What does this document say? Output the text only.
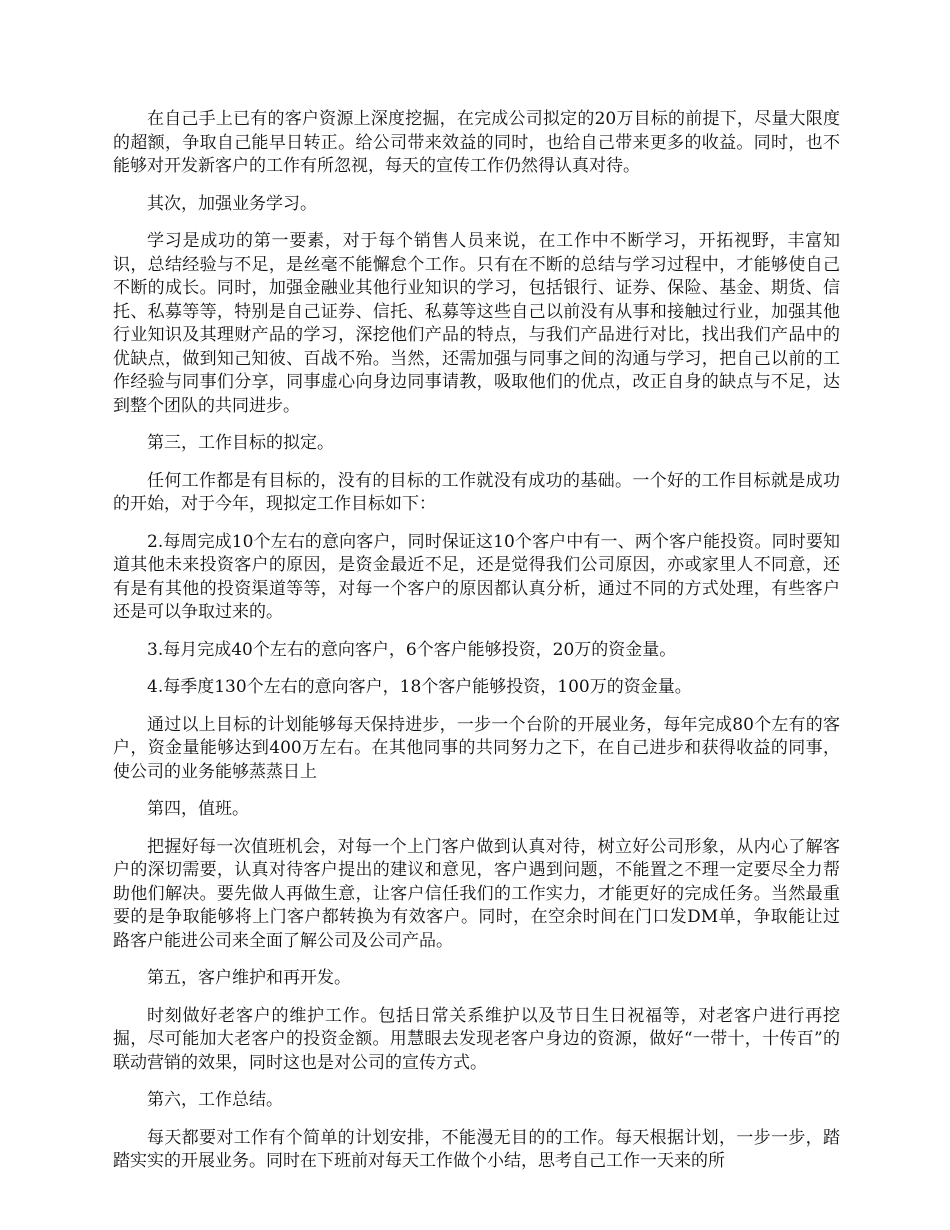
在自己手上已有的客户资源上深度挖掘，在完成公司拟定的20万目标的前提下，尽量大限度的超额，争取自己能早日转正。给公司带来效益的同时，也给自己带来更多的收益。同时，也不能够对开发新客户的工作有所忽视，每天的宣传工作仍然得认真对待。

其次，加强业务学习。

学习是成功的第一要素，对于每个销售人员来说，在工作中不断学习，开拓视野，丰富知识，总结经验与不足，是丝毫不能懈怠个工作。只有在不断的总结与学习过程中，才能够使自己不断的成长。同时，加强金融业其他行业知识的学习，包括银行、证券、保险、基金、期货、信托、私募等等，特别是自己证券、信托、私募等这些自己以前没有从事和接触过行业，加强其他行业知识及其理财产品的学习，深挖他们产品的特点，与我们产品进行对比，找出我们产品中的优缺点，做到知己知彼、百战不殆。当然，还需加强与同事之间的沟通与学习，把自己以前的工作经验与同事们分享，同事虚心向身边同事请教，吸取他们的优点，改正自身的缺点与不足，达到整个团队的共同进步。

第三，工作目标的拟定。

任何工作都是有目标的，没有的目标的工作就没有成功的基础。一个好的工作目标就是成功的开始，对于今年，现拟定工作目标如下：

2.每周完成10个左右的意向客户，同时保证这10个客户中有一、两个客户能投资。同时要知道其他未来投资客户的原因，是资金最近不足，还是觉得我们公司原因，亦或家里人不同意，还有是有其他的投资渠道等等，对每一个客户的原因都认真分析，通过不同的方式处理，有些客户还是可以争取过来的。

3.每月完成40个左右的意向客户，6个客户能够投资，20万的资金量。

4.每季度130个左右的意向客户，18个客户能够投资，100万的资金量。

通过以上目标的计划能够每天保持进步，一步一个台阶的开展业务，每年完成80个左有的客户，资金量能够达到400万左右。在其他同事的共同努力之下，在自己进步和获得收益的同事，使公司的业务能够蒸蒸日上

第四，值班。

把握好每一次值班机会，对每一个上门客户做到认真对待，树立好公司形象，从内心了解客户的深切需要，认真对待客户提出的建议和意见，客户遇到问题，不能置之不理一定要尽全力帮助他们解决。要先做人再做生意，让客户信任我们的工作实力，才能更好的完成任务。当然最重要的是争取能够将上门客户都转换为有效客户。同时，在空余时间在门口发DM单，争取能让过路客户能进公司来全面了解公司及公司产品。

第五，客户维护和再开发。

时刻做好老客户的维护工作。包括日常关系维护以及节日生日祝福等，对老客户进行再挖掘，尽可能加大老客户的投资金额。用慧眼去发现老客户身边的资源，做好“一带十，十传百”的联动营销的效果，同时这也是对公司的宣传方式。

第六，工作总结。

每天都要对工作有个简单的计划安排，不能漫无目的的工作。每天根据计划，一步一步，踏踏实实的开展业务。同时在下班前对每天工作做个小结，思考自己工作一天来的所
